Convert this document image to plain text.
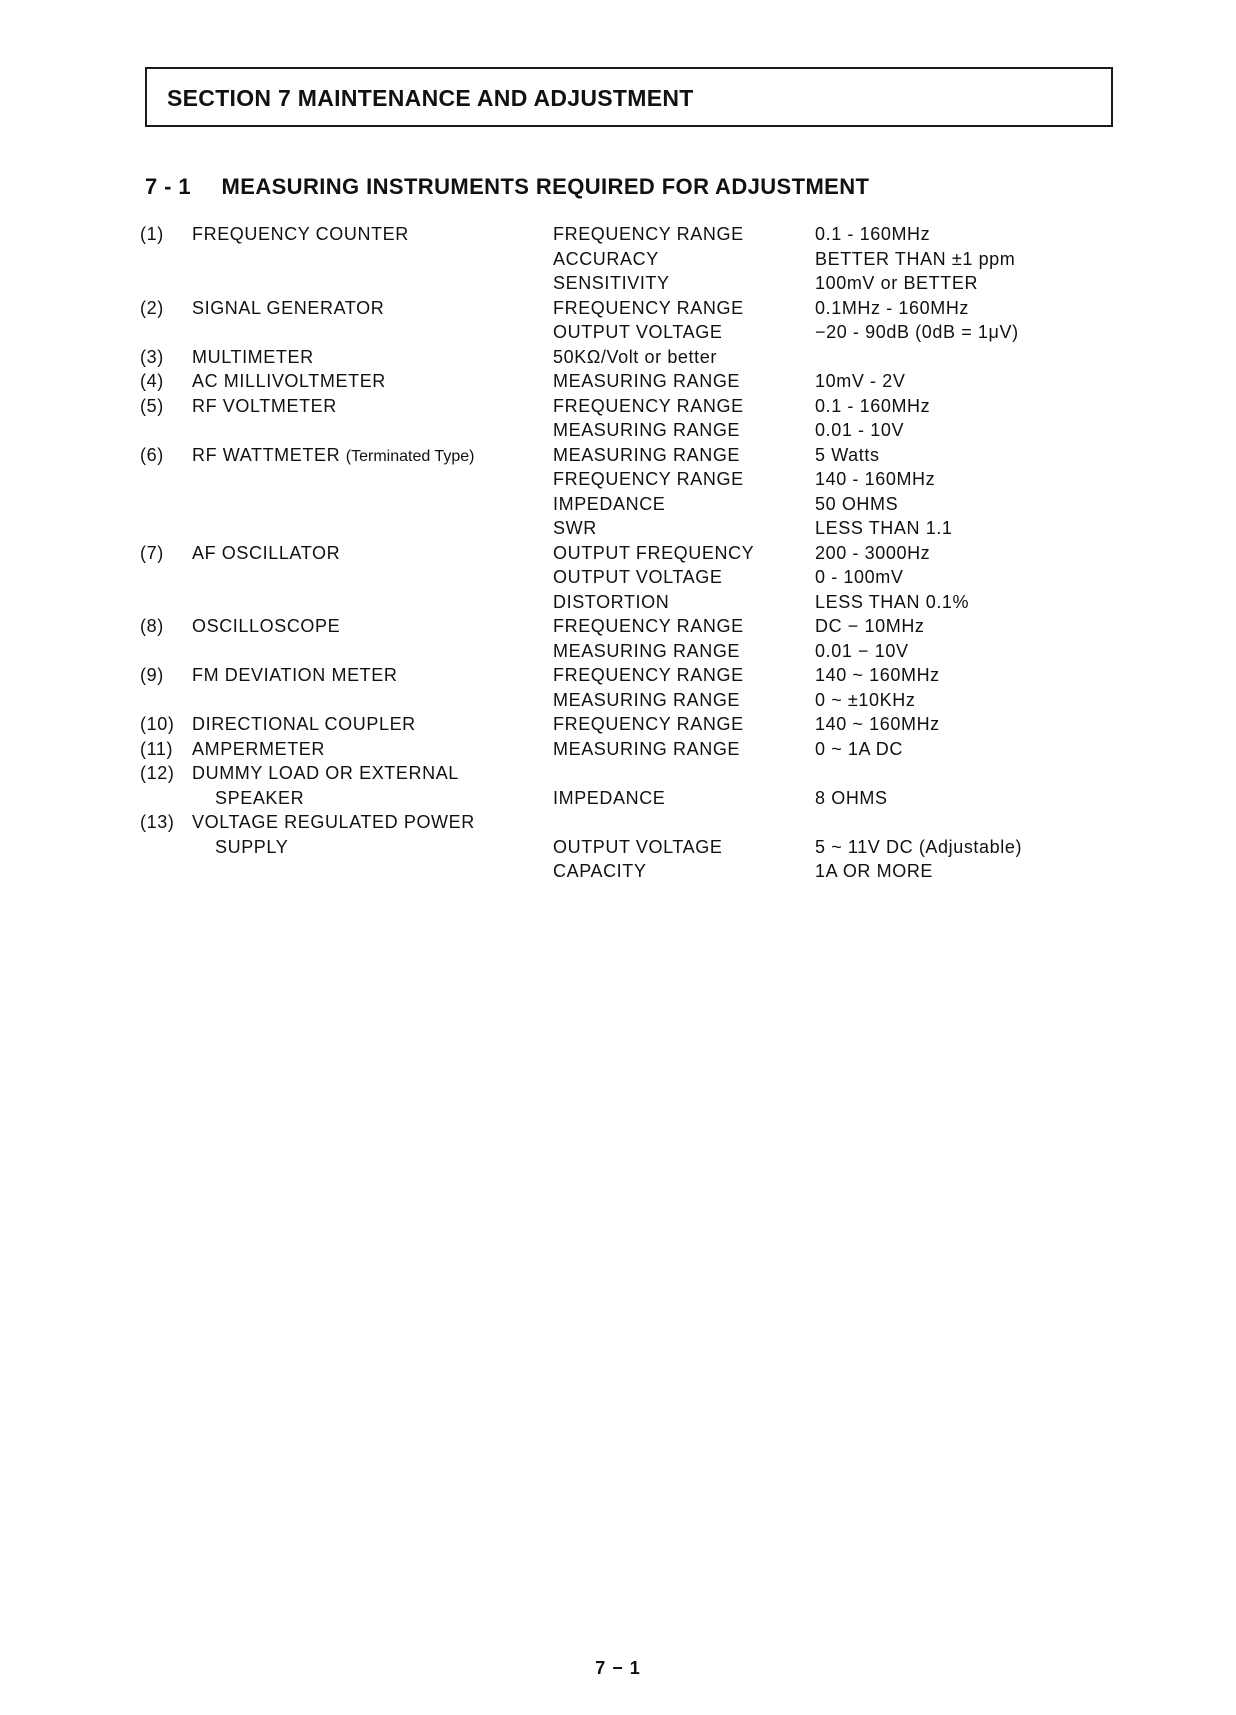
SECTION 7 MAINTENANCE AND ADJUSTMENT
7 - 1 MEASURING INSTRUMENTS REQUIRED FOR ADJUSTMENT
(1)	FREQUENCY COUNTER	FREQUENCY RANGE	0.1 - 160MHz
ACCURACY	BETTER THAN ±1 ppm
SENSITIVITY	100mV or BETTER
(2)	SIGNAL GENERATOR	FREQUENCY RANGE	0.1MHz - 160MHz
OUTPUT VOLTAGE	−20 - 90dB (0dB = 1μV)
(3)	MULTIMETER	50KΩ/Volt or better
(4)	AC MILLIVOLTMETER	MEASURING RANGE	10mV - 2V
(5)	RF VOLTMETER	FREQUENCY RANGE	0.1 - 160MHz
MEASURING RANGE	0.01 - 10V
(6)	RF WATTMETER (Terminated Type)	MEASURING RANGE	5 Watts
FREQUENCY RANGE	140 - 160MHz
IMPEDANCE	50 OHMS
SWR	LESS THAN 1.1
(7)	AF OSCILLATOR	OUTPUT FREQUENCY	200 - 3000Hz
OUTPUT VOLTAGE	0 - 100mV
DISTORTION	LESS THAN 0.1%
(8)	OSCILLOSCOPE	FREQUENCY RANGE	DC − 10MHz
MEASURING RANGE	0.01 − 10V
(9)	FM DEVIATION METER	FREQUENCY RANGE	140 ~ 160MHz
MEASURING RANGE	0 ~ ±10KHz
(10) DIRECTIONAL COUPLER	FREQUENCY RANGE	140 ~ 160MHz
(11)	AMPERMETER	MEASURING RANGE	0 ~ 1A DC
(12) DUMMY LOAD OR EXTERNAL
SPEAKER	IMPEDANCE	8 OHMS
(13) VOLTAGE REGULATED POWER
SUPPLY	OUTPUT VOLTAGE	5 ~ 11V DC (Adjustable)
CAPACITY	1A OR MORE
7 − 1
